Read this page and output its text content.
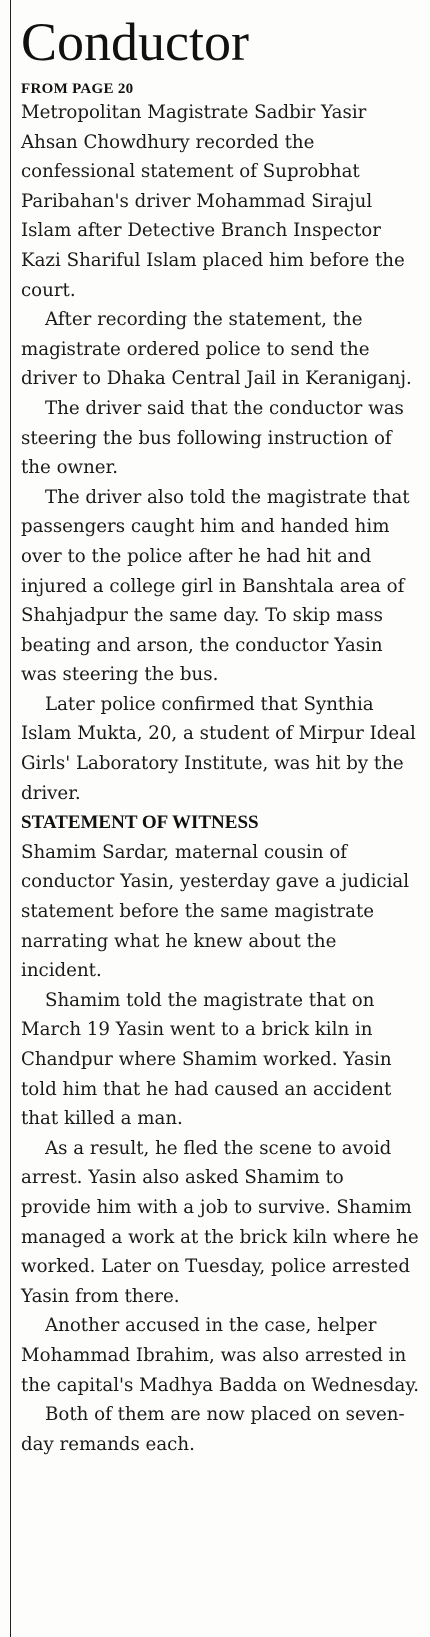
Conductor

FROM PAGE 20

Metropolitan Magistrate Sadbir Yasir Ahsan Chowdhury recorded the confessional statement of Suprobhat Paribahan's driver Mohammad Sirajul Islam after Detective Branch Inspector Kazi Shariful Islam placed him before the court.

After recording the statement, the magistrate ordered police to send the driver to Dhaka Central Jail in Keraniganj.

The driver said that the conductor was steering the bus following instruction of the owner.

The driver also told the magistrate that passengers caught him and handed him over to the police after he had hit and injured a college girl in Banshtala area of Shahjadpur the same day. To skip mass beating and arson, the conductor Yasin was steering the bus.

Later police confirmed that Synthia Islam Mukta, 20, a student of Mirpur Ideal Girls' Laboratory Institute, was hit by the driver.

STATEMENT OF WITNESS

Shamim Sardar, maternal cousin of conductor Yasin, yesterday gave a judicial statement before the same magistrate narrating what he knew about the incident.

Shamim told the magistrate that on March 19 Yasin went to a brick kiln in Chandpur where Shamim worked. Yasin told him that he had caused an accident that killed a man.

As a result, he fled the scene to avoid arrest. Yasin also asked Shamim to provide him with a job to survive. Shamim managed a work at the brick kiln where he worked. Later on Tuesday, police arrested Yasin from there.

Another accused in the case, helper Mohammad Ibrahim, was also arrested in the capital's Madhya Badda on Wednesday.

Both of them are now placed on seven-day remands each.
